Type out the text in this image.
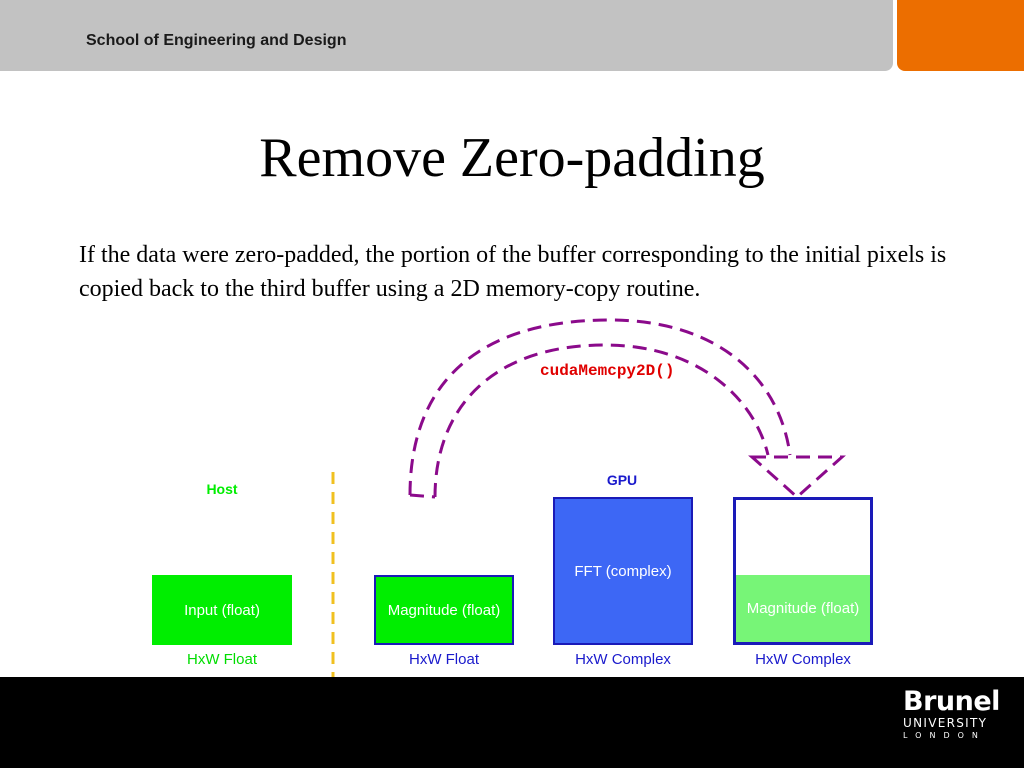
School of Engineering and Design
Remove Zero-padding
If the data were zero-padded, the portion of the buffer corresponding to the initial pixels is copied back to the third buffer using a 2D memory-copy routine.
cudaMemcpy2D()
Host
GPU
Input (float)
HxW Float
Magnitude (float)
HxW Float
FFT (complex)
HxW Complex
Magnitude (float)
HxW Complex
Brunel
UNIVERSITY
LONDON
